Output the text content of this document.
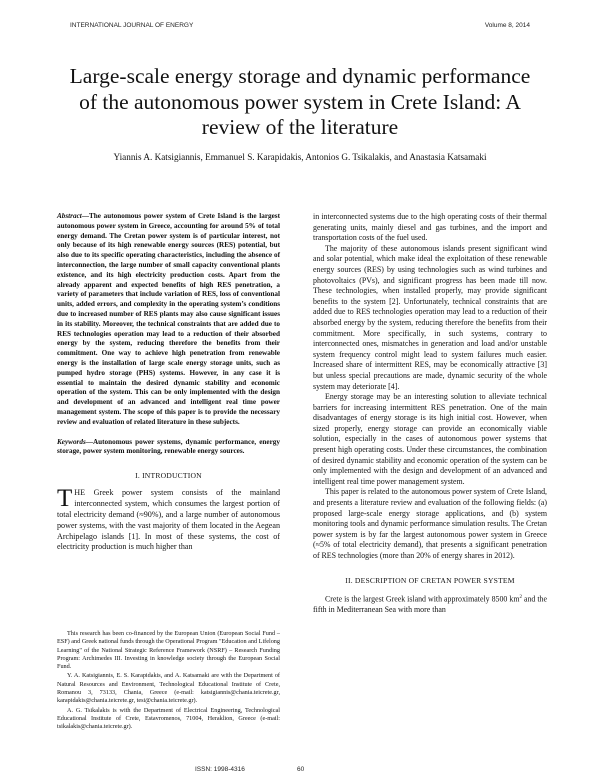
INTERNATIONAL JOURNAL OF ENERGY	Volume 8, 2014
Large-scale energy storage and dynamic performance of the autonomous power system in Crete Island: A review of the literature
Yiannis A. Katsigiannis, Emmanuel S. Karapidakis, Antonios G. Tsikalakis, and Anastasia Katsamaki

Abstract—The autonomous power system of Crete Island is the largest autonomous power system in Greece, accounting for around 5% of total energy demand. The Cretan power system is of particular interest, not only because of its high renewable energy sources (RES) potential, but also due to its specific operating characteristics, including the absence of interconnection, the large number of small capacity conventional plants existence, and its high electricity production costs. Apart from the already apparent and expected benefits of high RES penetration, a variety of parameters that include variation of RES, loss of conventional units, added errors, and complexity in the operating system’s conditions due to increased number of RES plants may also cause significant issues in its stability. Moreover, the technical constraints that are added due to RES technologies operation may lead to a reduction of their absorbed energy by the system, reducing therefore the benefits from their commitment. One way to achieve high penetration from renewable energy is the installation of large scale energy storage units, such as pumped hydro storage (PHS) systems. However, in any case it is essential to maintain the desired dynamic stability and economic operation of the system. This can be only implemented with the design and development of an advanced and intelligent real time power management system. The scope of this paper is to provide the necessary review and evaluation of related literature in these subjects.

Keywords—Autonomous power systems, dynamic performance, energy storage, power system monitoring, renewable energy sources.

I. INTRODUCTION

THE Greek power system consists of the mainland interconnected system, which consumes the largest portion of total electricity demand (≈90%), and a large number of autonomous power systems, with the vast majority of them located in the Aegean Archipelago islands [1]. In most of these systems, the cost of electricity production is much higher than

This research has been co-financed by the European Union (European Social Fund – ESF) and Greek national funds through the Operational Program "Education and Lifelong Learning" of the National Strategic Reference Framework (NSRF) – Research Funding Program: Archimedes III. Investing in knowledge society through the European Social Fund.

Y. A. Katsigiannis, E. S. Karapidakis, and A. Katsamaki are with the Department of Natural Resources and Environment, Technological Educational Institute of Crete, Romanou 3, 73133, Chania, Greece (e-mail: katsigiannis@chania.teicrete.gr, karapidakis@chania.teicrete.gr, tesi@chania.teicrete.gr).

A. G. Tsikalakis is with the Department of Electrical Engineering, Technological Educational Institute of Crete, Estavromenos, 71004, Heraklion, Greece (e-mail: tsikalakis@chania.teicrete.gr).

in interconnected systems due to the high operating costs of their thermal generating units, mainly diesel and gas turbines, and the import and transportation costs of the fuel used.

The majority of these autonomous islands present significant wind and solar potential, which make ideal the exploitation of these renewable energy sources (RES) by using technologies such as wind turbines and photovoltaics (PVs), and significant progress has been made till now. These technologies, when installed properly, may provide significant benefits to the system [2]. Unfortunately, technical constraints that are added due to RES technologies operation may lead to a reduction of their absorbed energy by the system, reducing therefore the benefits from their commitment. More specifically, in such systems, contrary to interconnected ones, mismatches in generation and load and/or unstable system frequency control might lead to system failures much easier. Increased share of intermittent RES, may be economically attractive [3] but unless special precautions are made, dynamic security of the whole system may deteriorate [4].

Energy storage may be an interesting solution to alleviate technical barriers for increasing intermittent RES penetration. One of the main disadvantages of energy storage is its high initial cost. However, when sized properly, energy storage can provide an economically viable solution, especially in the cases of autonomous power systems that present high operating costs. Under these circumstances, the combination of desired dynamic stability and economic operation of the system can be only implemented with the design and development of an advanced and intelligent real time power management system.

This paper is related to the autonomous power system of Crete Island, and presents a literature review and evaluation of the following fields: (a) proposed large-scale energy storage applications, and (b) system monitoring tools and dynamic performance simulation results. The Cretan power system is by far the largest autonomous power system in Greece (≈5% of total electricity demand), that presents a significant penetration of RES technologies (more than 20% of energy shares in 2012).

II. DESCRIPTION OF CRETAN POWER SYSTEM

Crete is the largest Greek island with approximately 8500 $km^2$ and the fifth in Mediterranean Sea with more than

ISSN: 1998-4316	60
